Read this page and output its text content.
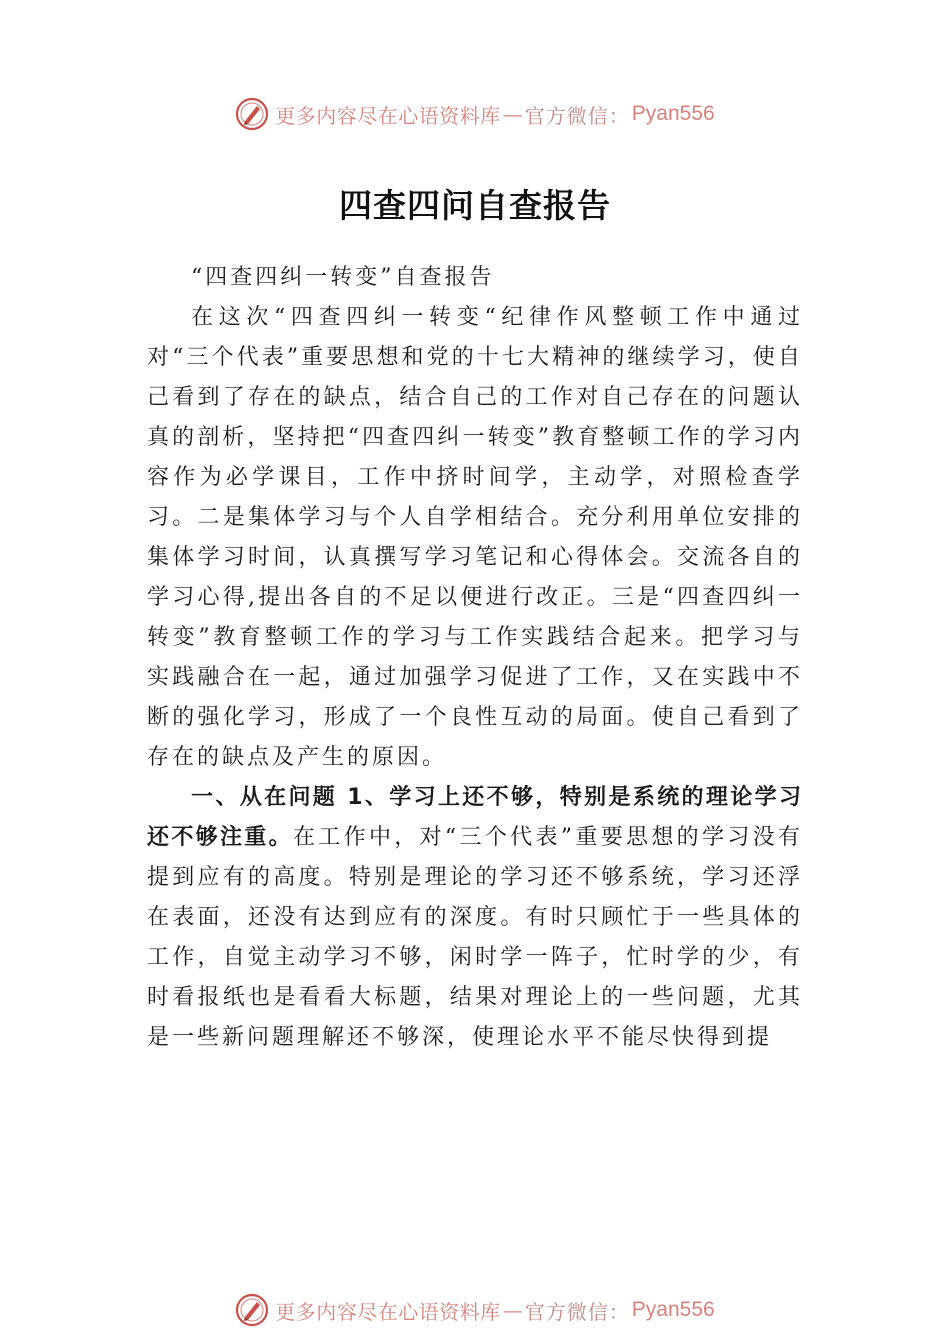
更多内容尽在心语资料库 — 官方微信： Pyan556
四查四问自查报告

“四查四纠一转变”自查报告

在这次“四查四纠一转变“纪律作风整顿工作中通过对“三个代表”重要思想和党的十七大精神的继续学习，使自己看到了存在的缺点，结合自己的工作对自己存在的问题认真的剖析，坚持把“四查四纠一转变”教育整顿工作的学习内容作为必学课目，工作中挤时间学，主动学，对照检查学习。二是集体学习与个人自学相结合。充分利用单位安排的集体学习时间，认真撰写学习笔记和心得体会。交流各自的学习心得,提出各自的不足以便进行改正。三是“四查四纠一转变”教育整顿工作的学习与工作实践结合起来。把学习与实践融合在一起，通过加强学习促进了工作，又在实践中不断的强化学习，形成了一个良性互动的局面。使自己看到了存在的缺点及产生的原因。

一、从在问题 1、学习上还不够，特别是系统的理论学习还不够注重。在工作中，对“三个代表”重要思想的学习没有提到应有的高度。特别是理论的学习还不够系统，学习还浮在表面，还没有达到应有的深度。有时只顾忙于一些具体的工作，自觉主动学习不够，闲时学一阵子，忙时学的少，有时看报纸也是看看大标题，结果对理论上的一些问题，尤其是一些新问题理解还不够深，使理论水平不能尽快得到提

更多内容尽在心语资料库 — 官方微信： Pyan556
